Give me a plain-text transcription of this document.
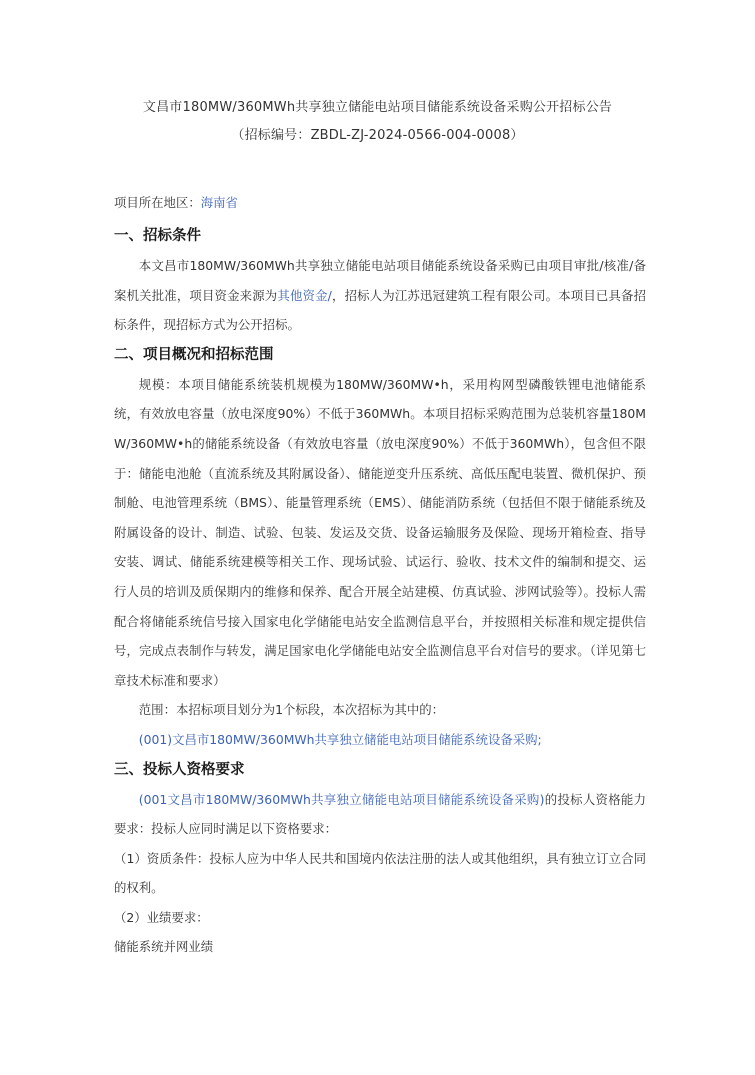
文昌市180MW/360MWh共享独立储能电站项目储能系统设备采购公开招标公告
（招标编号：ZBDL-ZJ-2024-0566-004-0008）
项目所在地区：海南省
一、招标条件
本文昌市180MW/360MWh共享独立储能电站项目储能系统设备采购已由项目审批/核准/备案机关批准，项目资金来源为其他资金/，招标人为江苏迅冠建筑工程有限公司。本项目已具备招标条件，现招标方式为公开招标。
二、项目概况和招标范围
规模：本项目储能系统装机规模为180MW/360MW•h，采用构网型磷酸铁锂电池储能系统，有效放电容量（放电深度90%）不低于360MWh。本项目招标采购范围为总装机容量180MW/360MW•h的储能系统设备（有效放电容量（放电深度90%）不低于360MWh），包含但不限于：储能电池舱（直流系统及其附属设备）、储能逆变升压系统、高低压配电装置、微机保护、预制舱、电池管理系统（BMS）、能量管理系统（EMS）、储能消防系统（包括但不限于储能系统及附属设备的设计、制造、试验、包装、发运及交货、设备运输服务及保险、现场开箱检查、指导安装、调试、储能系统建模等相关工作、现场试验、试运行、验收、技术文件的编制和提交、运行人员的培训及质保期内的维修和保养、配合开展全站建模、仿真试验、涉网试验等）。投标人需配合将储能系统信号接入国家电化学储能电站安全监测信息平台，并按照相关标准和规定提供信号，完成点表制作与转发，满足国家电化学储能电站安全监测信息平台对信号的要求。（详见第七章技术标准和要求）
范围：本招标项目划分为1个标段，本次招标为其中的：
(001)文昌市180MW/360MWh共享独立储能电站项目储能系统设备采购;
三、投标人资格要求
(001文昌市180MW/360MWh共享独立储能电站项目储能系统设备采购)的投标人资格能力要求：投标人应同时满足以下资格要求：
（1）资质条件：投标人应为中华人民共和国境内依法注册的法人或其他组织，具有独立订立合同的权利。
（2）业绩要求：
储能系统并网业绩
